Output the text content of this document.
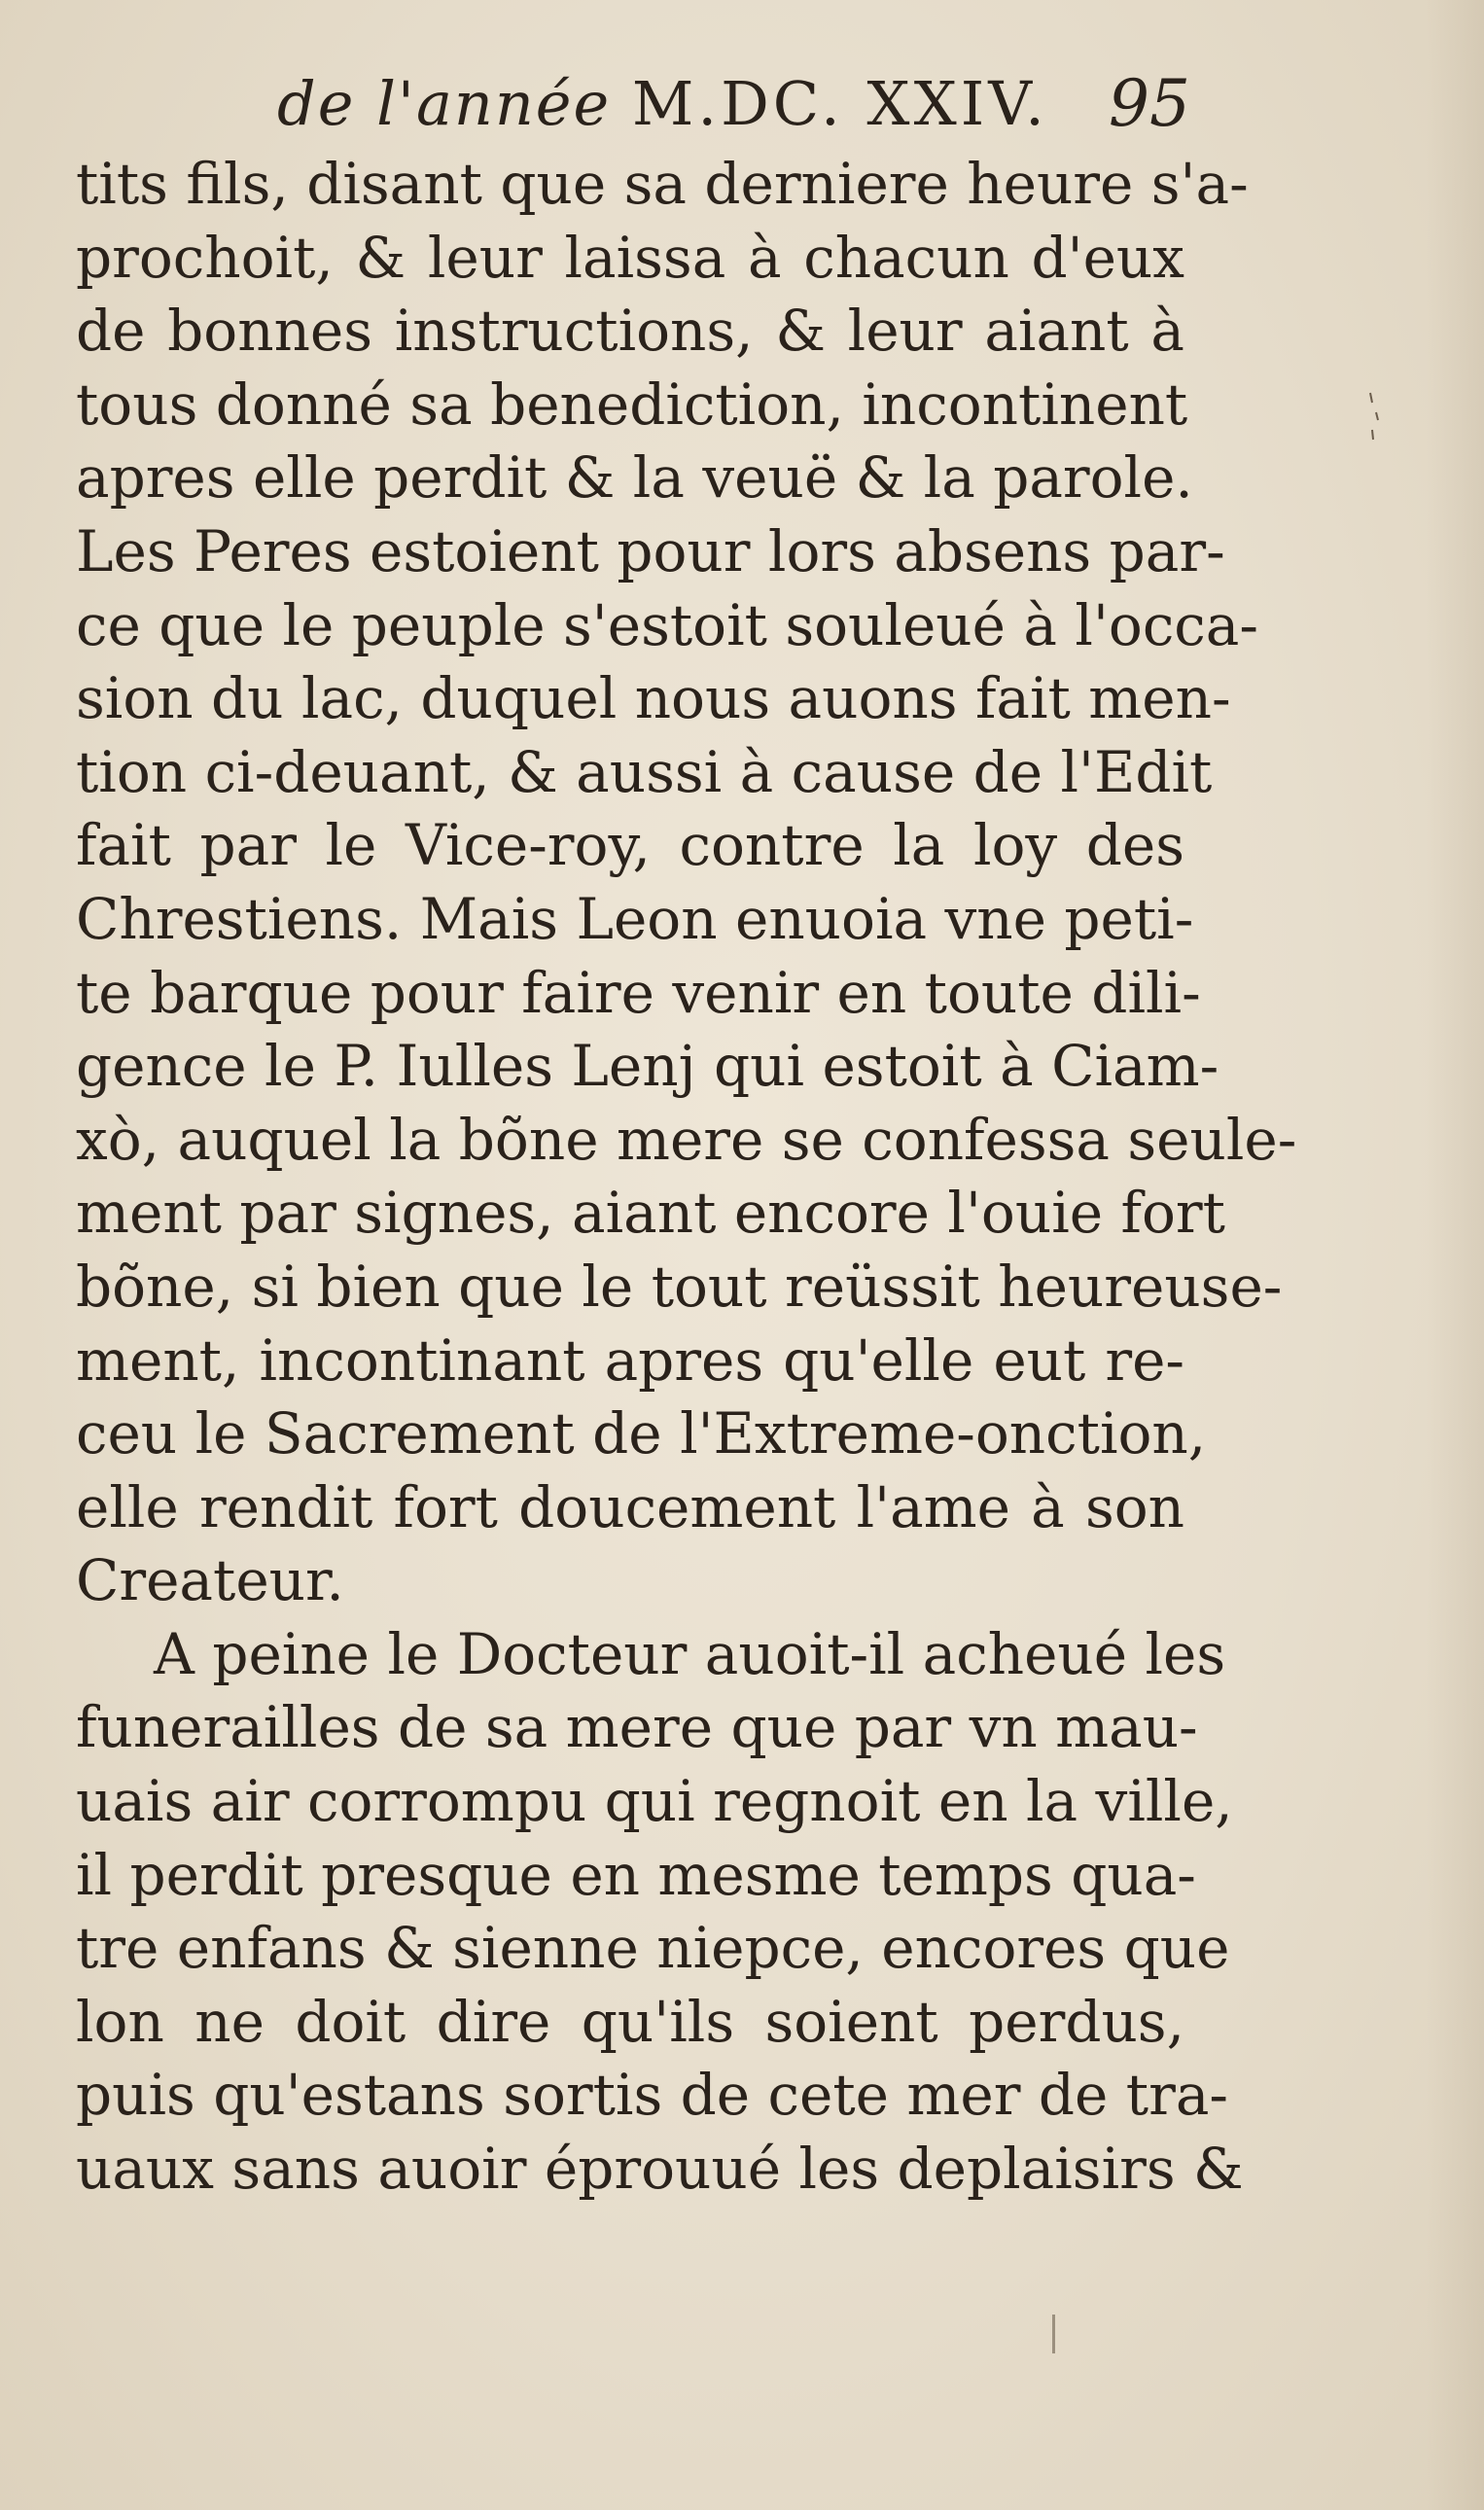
de l'année M.DC. XXIV. 95
tits fils, disant que sa derniere heure s'a-
prochoit, & leur laissa à chacun d'eux
de bonnes instructions, & leur aiant à
tous donné sa benediction, incontinent
apres elle perdit & la veuë & la parole.
Les Peres estoient pour lors absens par-
ce que le peuple s'estoit souleué à l'occa-
sion du lac, duquel nous auons fait men-
tion ci-deuant, & aussi à cause de l'Edit
fait par le Vice-roy, contre la loy des
Chrestiens. Mais Leon enuoia vne peti-
te barque pour faire venir en toute dili-
gence le P. Iulles Lenj qui estoit à Ciam-
xò, auquel la bõne mere se confessa seule-
ment par signes, aiant encore l'ouie fort
bõne, si bien que le tout reüssit heureuse-
ment, incontinant apres qu'elle eut re-
ceu le Sacrement de l'Extreme-onction,
elle rendit fort doucement l'ame à son
Createur.
A peine le Docteur auoit-il acheué les
funerailles de sa mere que par vn mau-
uais air corrompu qui regnoit en la ville,
il perdit presque en mesme temps qua-
tre enfans & sienne niepce, encores que
lon ne doit dire qu'ils soient perdus,
puis qu'estans sortis de cete mer de tra-
uaux sans auoir éprouué les deplaisirs &
